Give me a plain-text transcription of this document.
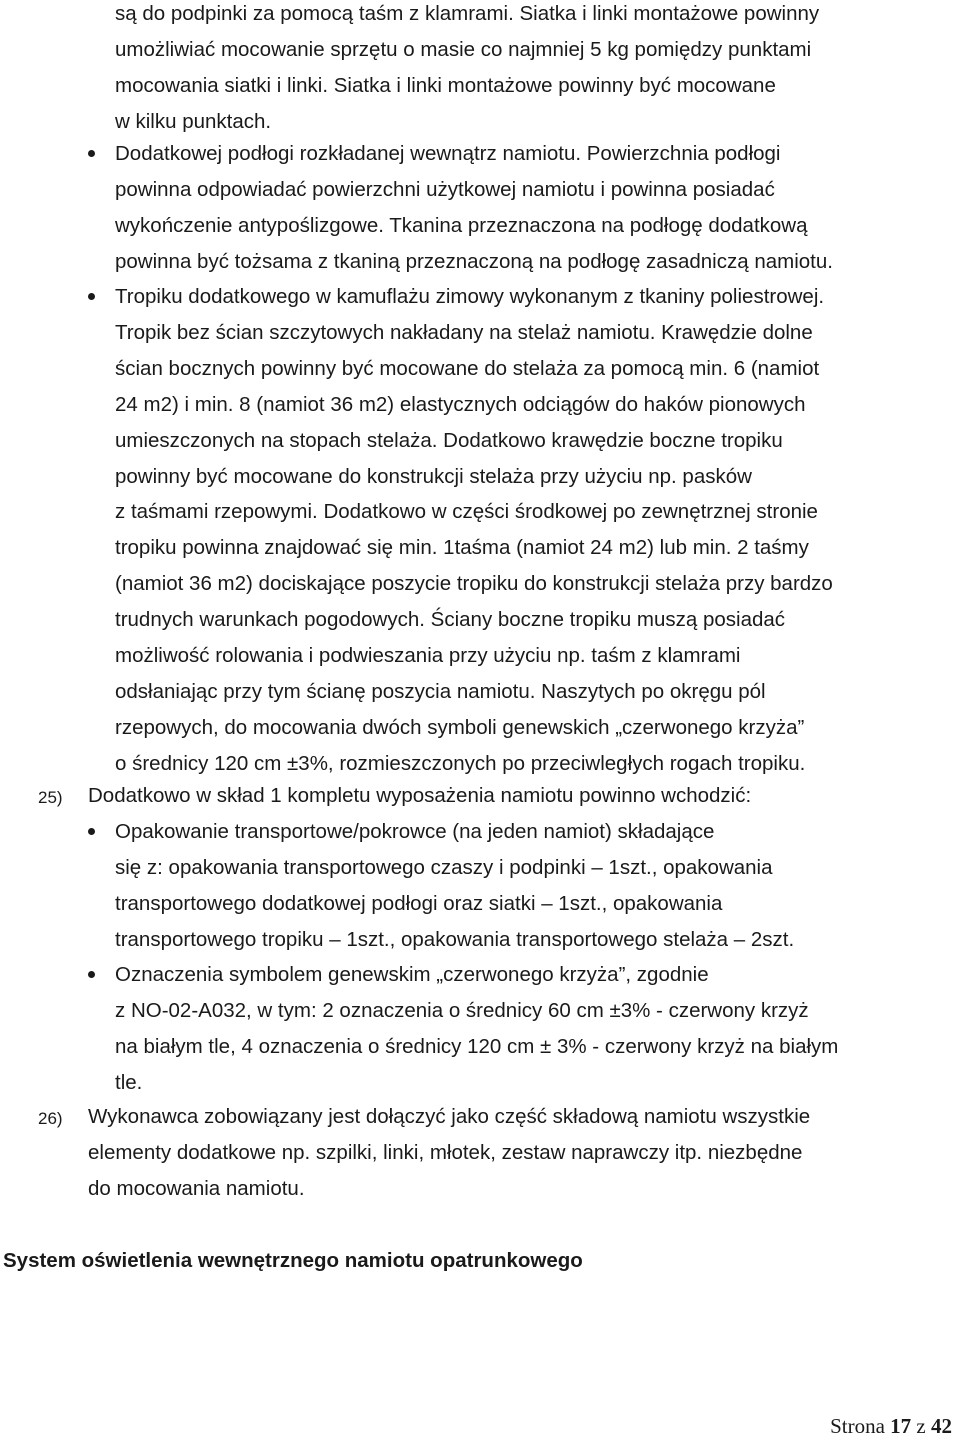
są do podpinki za pomocą taśm z klamrami. Siatka i linki montażowe powinny
umożliwiać mocowanie sprzętu o masie co najmniej 5 kg pomiędzy punktami
mocowania siatki i linki. Siatka i linki montażowe powinny być mocowane
w kilku punktach.
Dodatkowej podłogi rozkładanej wewnątrz namiotu. Powierzchnia podłogi
powinna odpowiadać powierzchni użytkowej namiotu i powinna posiadać
wykończenie antypoślizgowe. Tkanina przeznaczona na podłogę dodatkową
powinna być tożsama z tkaniną przeznaczoną na podłogę zasadniczą namiotu.
Tropiku dodatkowego w kamuflażu zimowy wykonanym z tkaniny poliestrowej.
Tropik bez ścian szczytowych nakładany na stelaż namiotu. Krawędzie dolne
ścian bocznych powinny być mocowane do stelaża za pomocą min. 6 (namiot
24 m2) i min. 8 (namiot 36 m2) elastycznych odciągów do haków pionowych
umieszczonych na stopach stelaża. Dodatkowo krawędzie boczne tropiku
powinny być mocowane do konstrukcji stelaża przy użyciu np. pasków
z taśmami rzepowymi. Dodatkowo w części środkowej po zewnętrznej stronie
tropiku powinna znajdować się min. 1taśma (namiot 24 m2) lub min. 2 taśmy
(namiot 36 m2) dociskające poszycie tropiku do konstrukcji stelaża przy bardzo
trudnych warunkach pogodowych. Ściany boczne tropiku muszą posiadać
możliwość rolowania i podwieszania przy użyciu np. taśm z klamrami
odsłaniając przy tym ścianę poszycia namiotu. Naszytych po okręgu pól
rzepowych, do mocowania dwóch symboli genewskich „czerwonego krzyża”
o średnicy 120 cm ±3%, rozmieszczonych po przeciwległych rogach tropiku.
25) Dodatkowo w skład 1 kompletu wyposażenia namiotu powinno wchodzić:
Opakowanie transportowe/pokrowce (na jeden namiot) składające
się z: opakowania transportowego czaszy i podpinki – 1szt., opakowania
transportowego dodatkowej podłogi oraz siatki – 1szt., opakowania
transportowego tropiku – 1szt., opakowania transportowego stelaża – 2szt.
Oznaczenia symbolem genewskim „czerwonego krzyża”, zgodnie
z NO-02-A032, w tym: 2 oznaczenia o średnicy 60 cm ±3% - czerwony krzyż
na białym tle, 4 oznaczenia o średnicy 120 cm ± 3% - czerwony krzyż na białym
tle.
26) Wykonawca zobowiązany jest dołączyć jako część składową namiotu wszystkie
elementy dodatkowe np. szpilki, linki, młotek, zestaw naprawczy itp. niezbędne
do mocowania namiotu.
System oświetlenia wewnętrznego namiotu opatrunkowego
Strona 17 z 42
